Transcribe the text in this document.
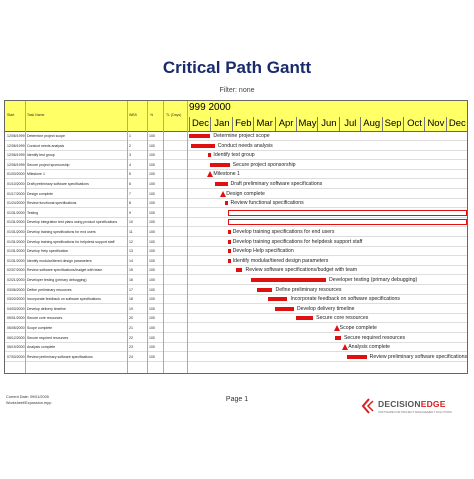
Critical Path Gantt
Filter: none
Start	Task Name	WBS	%	TL (Days)
999 2000
Dec Jan Feb Mar Apr May Jun Jul Aug Sep Oct Nov Dec
12/06/1999 Determine project scope	1	100	Determine project scope
12/06/1999 Conduct needs analysis	2	100	Conduct needs analysis
12/06/1999 Identify test group	3	100	Identify test group
12/06/1999 Secure project sponsorship	4	100	Secure project sponsorship
01/03/2000 Milestone 1	5	100	Milestone 1
01/10/2000 Draft preliminary software specifications	6	100	Draft preliminary software specifications
01/17/2000 Design complete	7	100	Design complete
01/24/2000 Review functional specifications	8	100	Review functional specifications
01/31/2000 Testing	9	100
01/31/2000 Develop integration test plans using product specifications	10	100
01/31/2000 Develop training specifications for end users	11	100	Develop training specifications for end users
01/31/2000 Develop training specifications for helpdesk support staff	12	100	Develop training specifications for helpdesk support staff
01/31/2000 Develop Help specification	13	100	Develop Help specification
01/31/2000 Identify modular/tiered design parameters	14	100	Identify modular/tiered design parameters
02/07/2000 Review software specifications/budget with team	15	100	Review software specifications/budget with team
02/21/2000 Developer testing (primary debugging)	16	100	Developer testing (primary debugging)
03/06/2000 Define preliminary resources	17	100	Define preliminary resources
03/20/2000 Incorporate feedback on software specifications	18	100	Incorporate feedback on software specifications
04/03/2000 Develop delivery timeline	19	100	Develop delivery timeline
05/01/2000 Secure core resources	20	100	Secure core resources
06/05/2000 Scope complete	21	100	Scope complete
06/12/2000 Secure required resources	22	100	Secure required resources
06/19/2000 Analysis complete	23	100	Analysis complete
07/03/2000 Review preliminary software specifications	24	100	Review preliminary software specifications
Current Date: 09/01/2005
Worksheet\Expansion.mpp	Page 1	DECISIONEDGE
SOFTWARE FOR PROJECT MANAGEMENT SOLUTIONS
